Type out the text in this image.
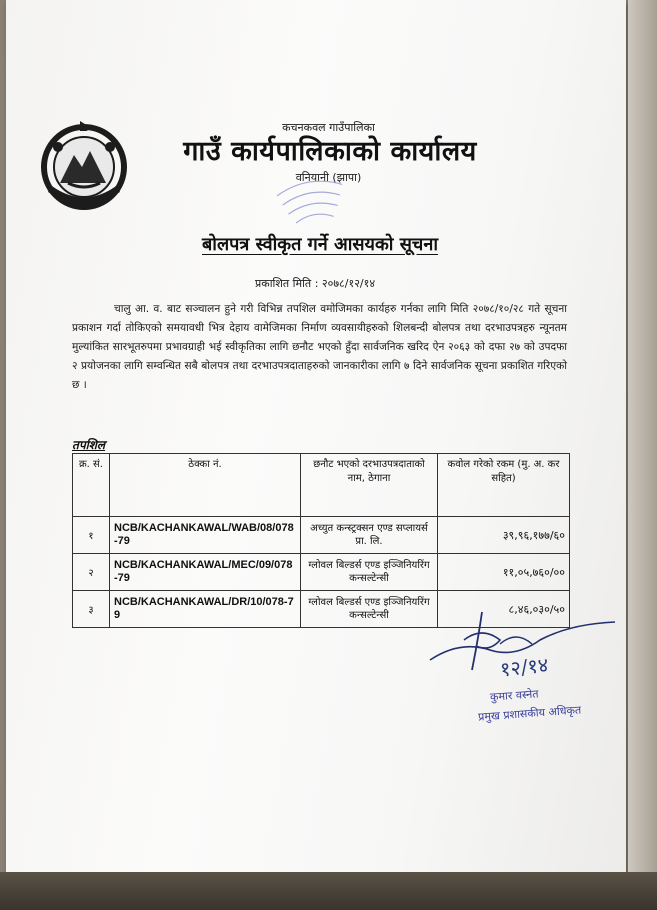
कचनकवल गाउँपालिका
गाउँ कार्यपालिकाको कार्यालय
वनियानी (झापा)
बोलपत्र स्वीकृत गर्ने आसयको सूचना
प्रकाशित मिति : २०७८/१२/१४
चालु आ. व. बाट सञ्चालन हुने गरी विभिन्न तपशिल वमोजिमका कार्यहरु गर्नका लागि मिति २०७८/१०/२८ गते सूचना प्रकाशन गर्दा तोकिएको समयावधी भित्र देहाय वामेजिमका निर्माण व्यवसायीहरुको शिलबन्दी बोलपत्र तथा दरभाउपत्रहरु न्यूनतम मुल्यांकित सारभूतरुपमा प्रभावग्राही भई स्वीकृतिका लागि छनौट भएको हुँदा सार्वजनिक खरिद ऐन २०६३ को दफा २७ को उपदफा २ प्रयोजनका लागि सम्वन्धित सबै बोलपत्र तथा दरभाउपत्रदाताहरुको जानकारीका लागि ७ दिने सार्वजनिक सूचना प्रकाशित गरिएको छ ।
तपशिल
क्र. सं.	ठेक्का नं.	छनौट भएको दरभाउपत्रदाताको नाम, ठेगाना	कवोल गरेको रकम (मु. अ. कर सहित)
१	NCB/KACHANKAWAL/WAB/08/078-79	अच्युत कन्स्ट्रक्सन एण्ड सप्लायर्स प्रा. लि.	३९,९६,१७७/६०
२	NCB/KACHANKAWAL/MEC/09/078-79	ग्लोवल बिल्डर्स एण्ड इञ्जिनियरिंग कन्सल्टेन्सी	११,०५,७६०/००
३	NCB/KACHANKAWAL/DR/10/078-79	ग्लोवल बिल्डर्स एण्ड इञ्जिनियरिंग कन्सल्टेन्सी	८,४६,०३०/५०
१२/१४
कुमार वस्नेत
प्रमुख प्रशासकीय अधिकृत
